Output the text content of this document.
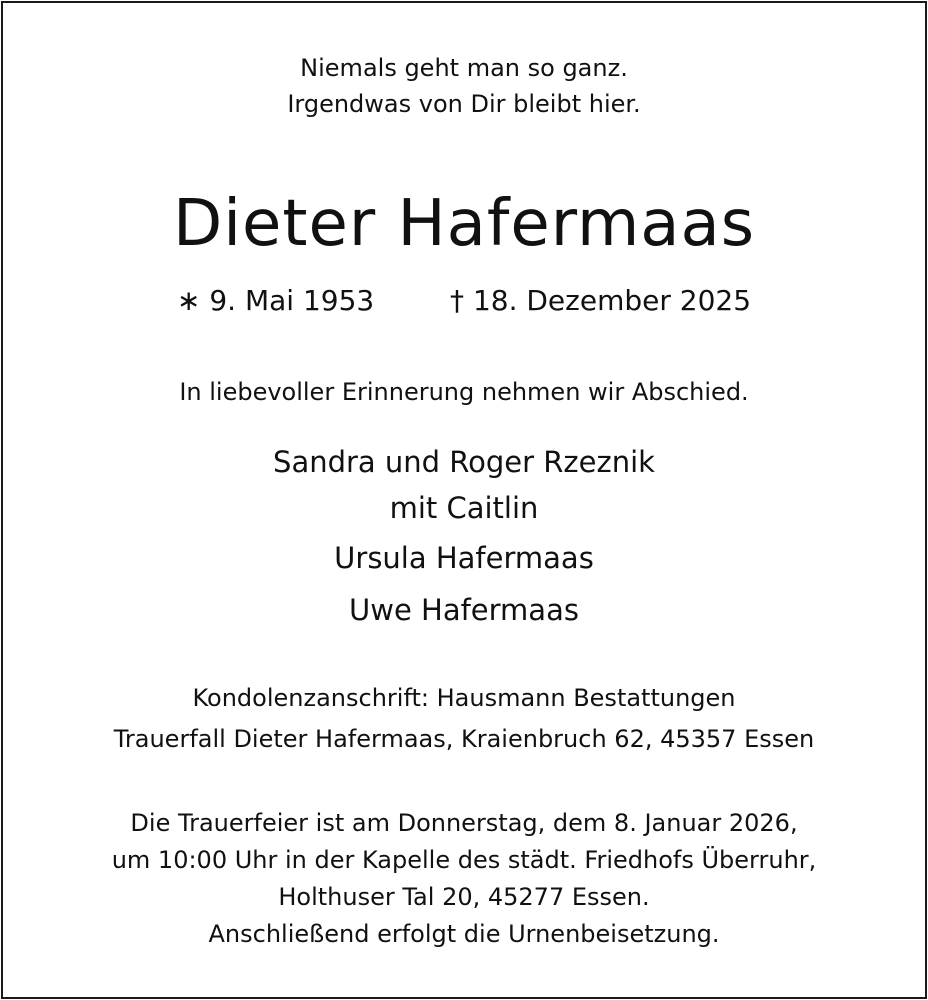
Niemals geht man so ganz.
Irgendwas von Dir bleibt hier.
Dieter Hafermaas
∗ 9. Mai 1953	† 18. Dezember 2025
In liebevoller Erinnerung nehmen wir Abschied.
Sandra und Roger Rzeznik
mit Caitlin
Ursula Hafermaas
Uwe Hafermaas
Kondolenzanschrift: Hausmann Bestattungen
Trauerfall Dieter Hafermaas, Kraienbruch 62, 45357 Essen
Die Trauerfeier ist am Donnerstag, dem 8. Januar 2026,
um 10:00 Uhr in der Kapelle des städt. Friedhofs Überruhr,
Holthuser Tal 20, 45277 Essen.
Anschließend erfolgt die Urnenbeisetzung.
